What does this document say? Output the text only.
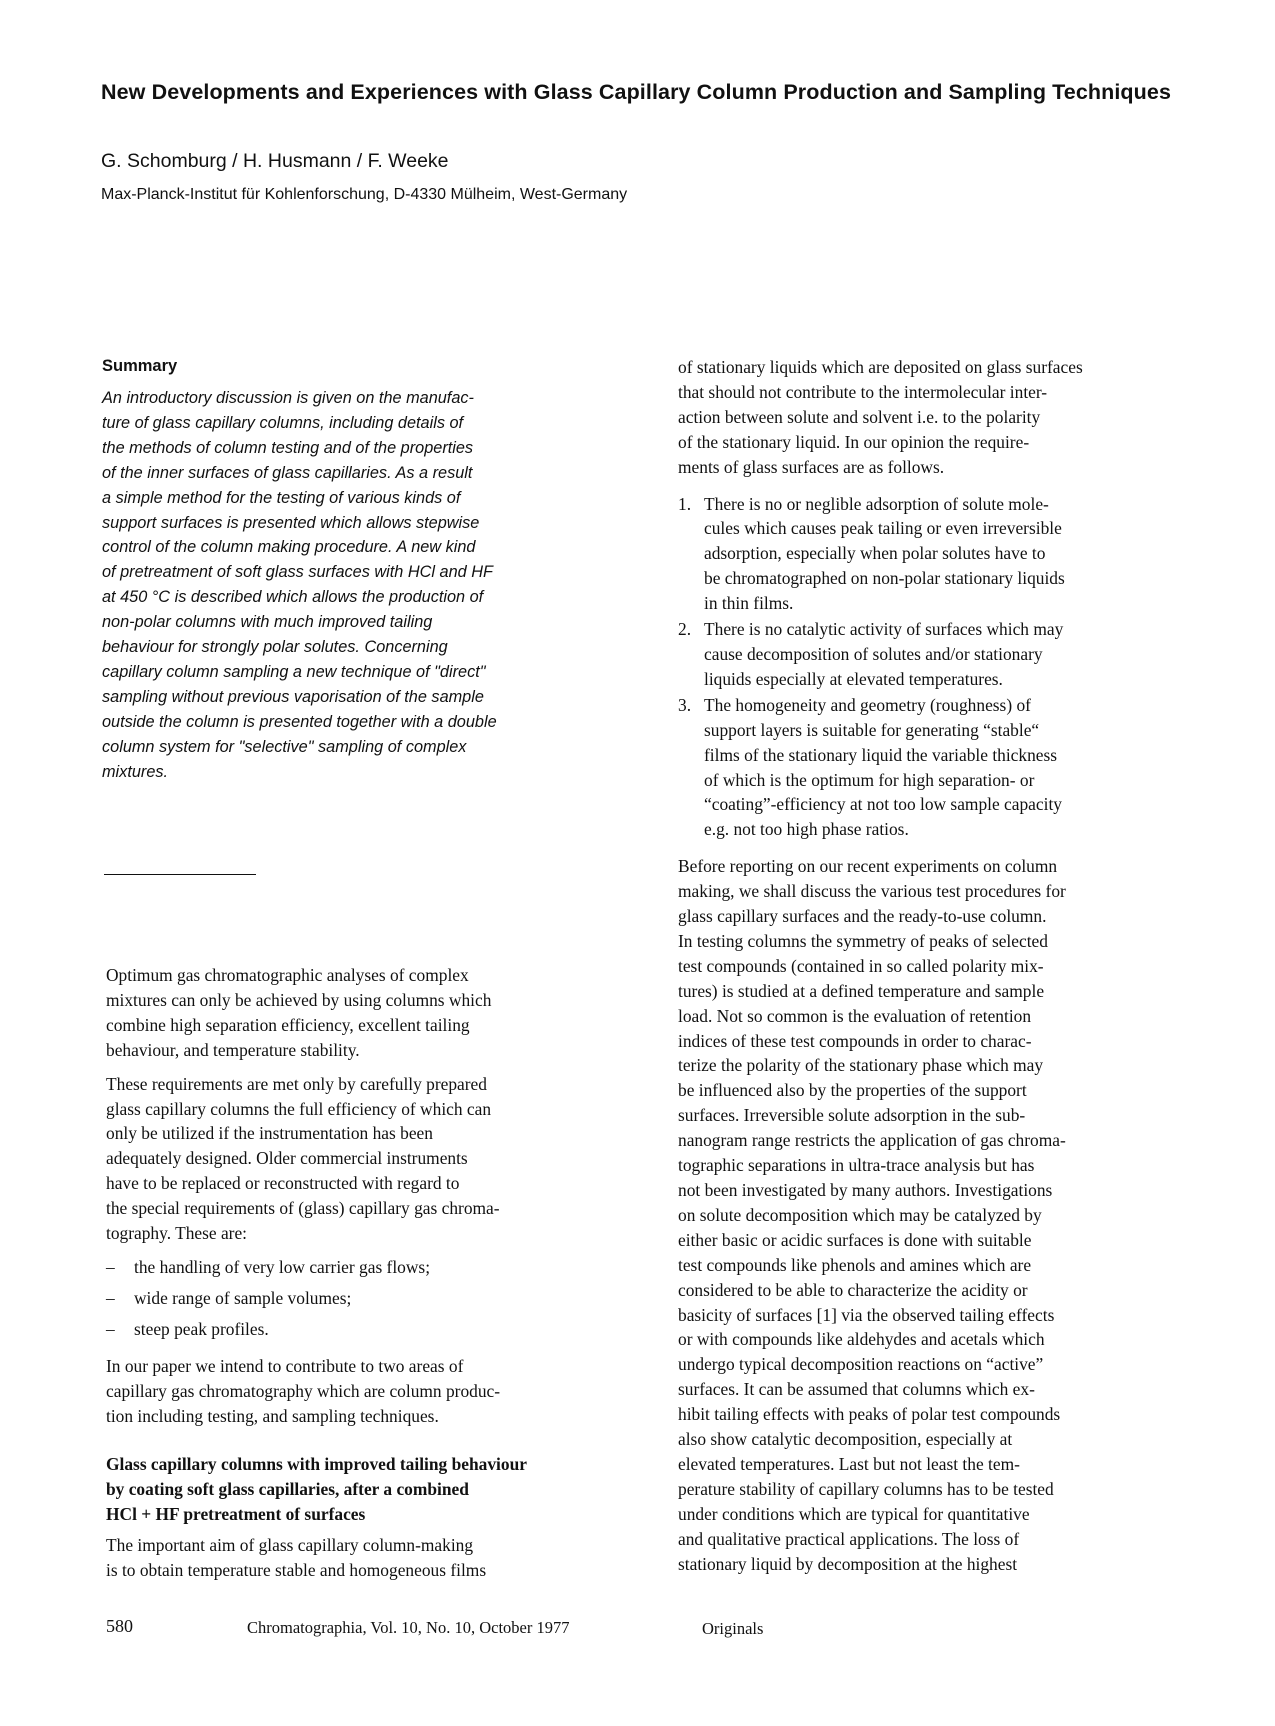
New Developments and Experiences with Glass Capillary Column Production and Sampling Techniques
G. Schomburg / H. Husmann / F. Weeke
Max-Planck-Institut für Kohlenforschung, D-4330 Mülheim, West-Germany
Summary
An introductory discussion is given on the manufac-
ture of glass capillary columns, including details of
the methods of column testing and of the properties
of the inner surfaces of glass capillaries. As a result
a simple method for the testing of various kinds of
support surfaces is presented which allows stepwise
control of the column making procedure. A new kind
of pretreatment of soft glass surfaces with HCl and HF
at 450 °C is described which allows the production of
non-polar columns with much improved tailing
behaviour for strongly polar solutes. Concerning
capillary column sampling a new technique of "direct"
sampling without previous vaporisation of the sample
outside the column is presented together with a double
column system for "selective" sampling of complex
mixtures.
Optimum gas chromatographic analyses of complex
mixtures can only be achieved by using columns which
combine high separation efficiency, excellent tailing
behaviour, and temperature stability.
These requirements are met only by carefully prepared
glass capillary columns the full efficiency of which can
only be utilized if the instrumentation has been
adequately designed. Older commercial instruments
have to be replaced or reconstructed with regard to
the special requirements of (glass) capillary gas chroma-
tography. These are:
– the handling of very low carrier gas flows;
– wide range of sample volumes;
– steep peak profiles.
In our paper we intend to contribute to two areas of
capillary gas chromatography which are column produc-
tion including testing, and sampling techniques.
Glass capillary columns with improved tailing behaviour
by coating soft glass capillaries, after a combined
HCl + HF pretreatment of surfaces
The important aim of glass capillary column-making
is to obtain temperature stable and homogeneous films
of stationary liquids which are deposited on glass surfaces
that should not contribute to the intermolecular inter-
action between solute and solvent i.e. to the polarity
of the stationary liquid. In our opinion the require-
ments of glass surfaces are as follows.
1. There is no or neglible adsorption of solute mole-
cules which causes peak tailing or even irreversible
adsorption, especially when polar solutes have to
be chromatographed on non-polar stationary liquids
in thin films.
2. There is no catalytic activity of surfaces which may
cause decomposition of solutes and/or stationary
liquids especially at elevated temperatures.
3. The homogeneity and geometry (roughness) of
support layers is suitable for generating “stable“
films of the stationary liquid the variable thickness
of which is the optimum for high separation- or
“coating”-efficiency at not too low sample capacity
e.g. not too high phase ratios.
Before reporting on our recent experiments on column
making, we shall discuss the various test procedures for
glass capillary surfaces and the ready-to-use column.
In testing columns the symmetry of peaks of selected
test compounds (contained in so called polarity mix-
tures) is studied at a defined temperature and sample
load. Not so common is the evaluation of retention
indices of these test compounds in order to charac-
terize the polarity of the stationary phase which may
be influenced also by the properties of the support
surfaces. Irreversible solute adsorption in the sub-
nanogram range restricts the application of gas chroma-
tographic separations in ultra-trace analysis but has
not been investigated by many authors. Investigations
on solute decomposition which may be catalyzed by
either basic or acidic surfaces is done with suitable
test compounds like phenols and amines which are
considered to be able to characterize the acidity or
basicity of surfaces [1] via the observed tailing effects
or with compounds like aldehydes and acetals which
undergo typical decomposition reactions on “active”
surfaces. It can be assumed that columns which ex-
hibit tailing effects with peaks of polar test compounds
also show catalytic decomposition, especially at
elevated temperatures. Last but not least the tem-
perature stability of capillary columns has to be tested
under conditions which are typical for quantitative
and qualitative practical applications. The loss of
stationary liquid by decomposition at the highest
580	Chromatographia, Vol. 10, No. 10, October 1977	Originals
